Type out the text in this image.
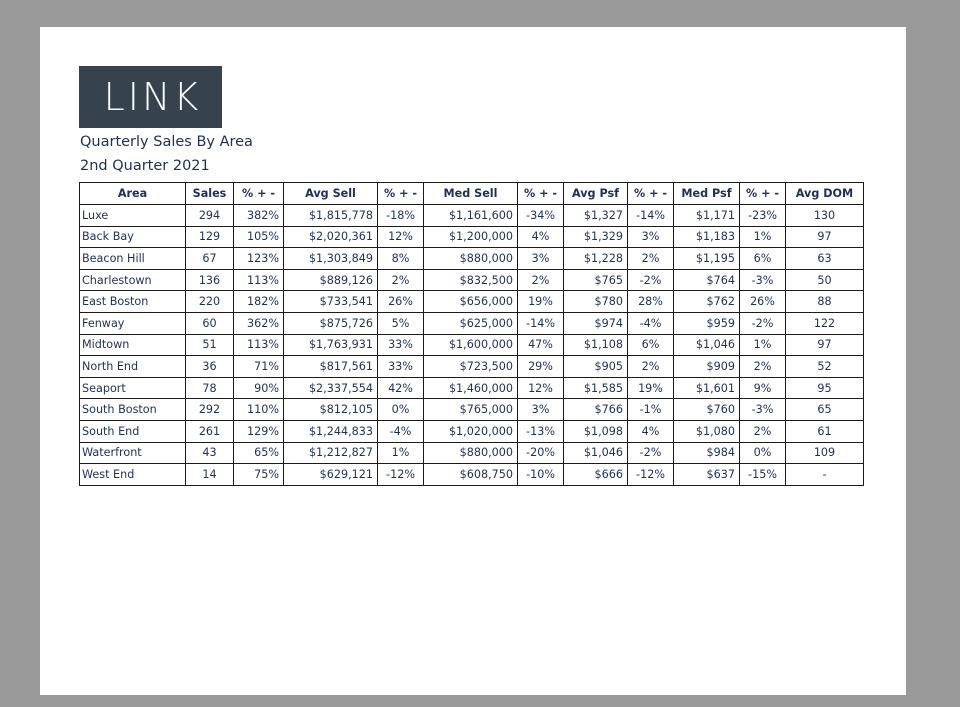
LINK
Quarterly Sales By Area
2nd Quarter 2021
Area	Sales	% + -	Avg Sell	% + -	Med Sell	% + -	Avg Psf	% + -	Med Psf	% + -	Avg DOM
Luxe	294	382%	$1,815,778	-18%	$1,161,600	-34%	$1,327	-14%	$1,171	-23%	130
Back Bay	129	105%	$2,020,361	12%	$1,200,000	4%	$1,329	3%	$1,183	1%	97
Beacon Hill	67	123%	$1,303,849	8%	$880,000	3%	$1,228	2%	$1,195	6%	63
Charlestown	136	113%	$889,126	2%	$832,500	2%	$765	-2%	$764	-3%	50
East Boston	220	182%	$733,541	26%	$656,000	19%	$780	28%	$762	26%	88
Fenway	60	362%	$875,726	5%	$625,000	-14%	$974	-4%	$959	-2%	122
Midtown	51	113%	$1,763,931	33%	$1,600,000	47%	$1,108	6%	$1,046	1%	97
North End	36	71%	$817,561	33%	$723,500	29%	$905	2%	$909	2%	52
Seaport	78	90%	$2,337,554	42%	$1,460,000	12%	$1,585	19%	$1,601	9%	95
South Boston	292	110%	$812,105	0%	$765,000	3%	$766	-1%	$760	-3%	65
South End	261	129%	$1,244,833	-4%	$1,020,000	-13%	$1,098	4%	$1,080	2%	61
Waterfront	43	65%	$1,212,827	1%	$880,000	-20%	$1,046	-2%	$984	0%	109
West End	14	75%	$629,121	-12%	$608,750	-10%	$666	-12%	$637	-15%	-
